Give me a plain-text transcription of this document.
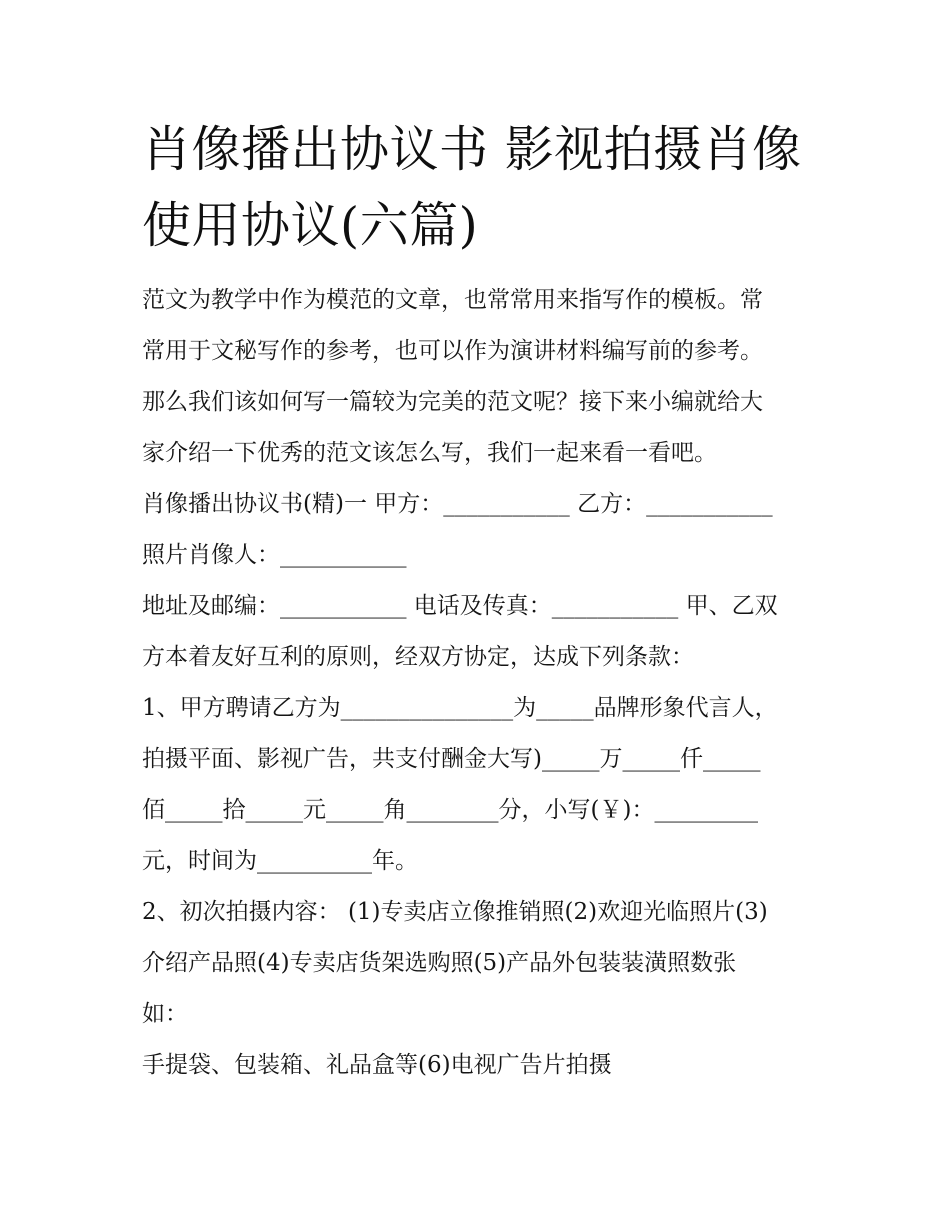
肖像播出协议书 影视拍摄肖像
使用协议(六篇)
范文为教学中作为模范的文章，也常常用来指写作的模板。常
常用于文秘写作的参考，也可以作为演讲材料编写前的参考。
那么我们该如何写一篇较为完美的范文呢？接下来小编就给大
家介绍一下优秀的范文该怎么写，我们一起来看一看吧。
肖像播出协议书(精)一 甲方：___________ 乙方：___________
照片肖像人：___________
地址及邮编：___________ 电话及传真：___________ 甲、乙双
方本着友好互利的原则，经双方协定，达成下列条款：
1、甲方聘请乙方为_______________为_____品牌形象代言人，
拍摄平面、影视广告，共支付酬金大写)_____万_____仟_____
佰_____拾_____元_____角________分，小写(￥)：_________
元，时间为__________年。
2、初次拍摄内容： (1)专卖店立像推销照(2)欢迎光临照片(3)
介绍产品照(4)专卖店货架选购照(5)产品外包装装潢照数张
如：
手提袋、包装箱、礼品盒等(6)电视广告片拍摄
